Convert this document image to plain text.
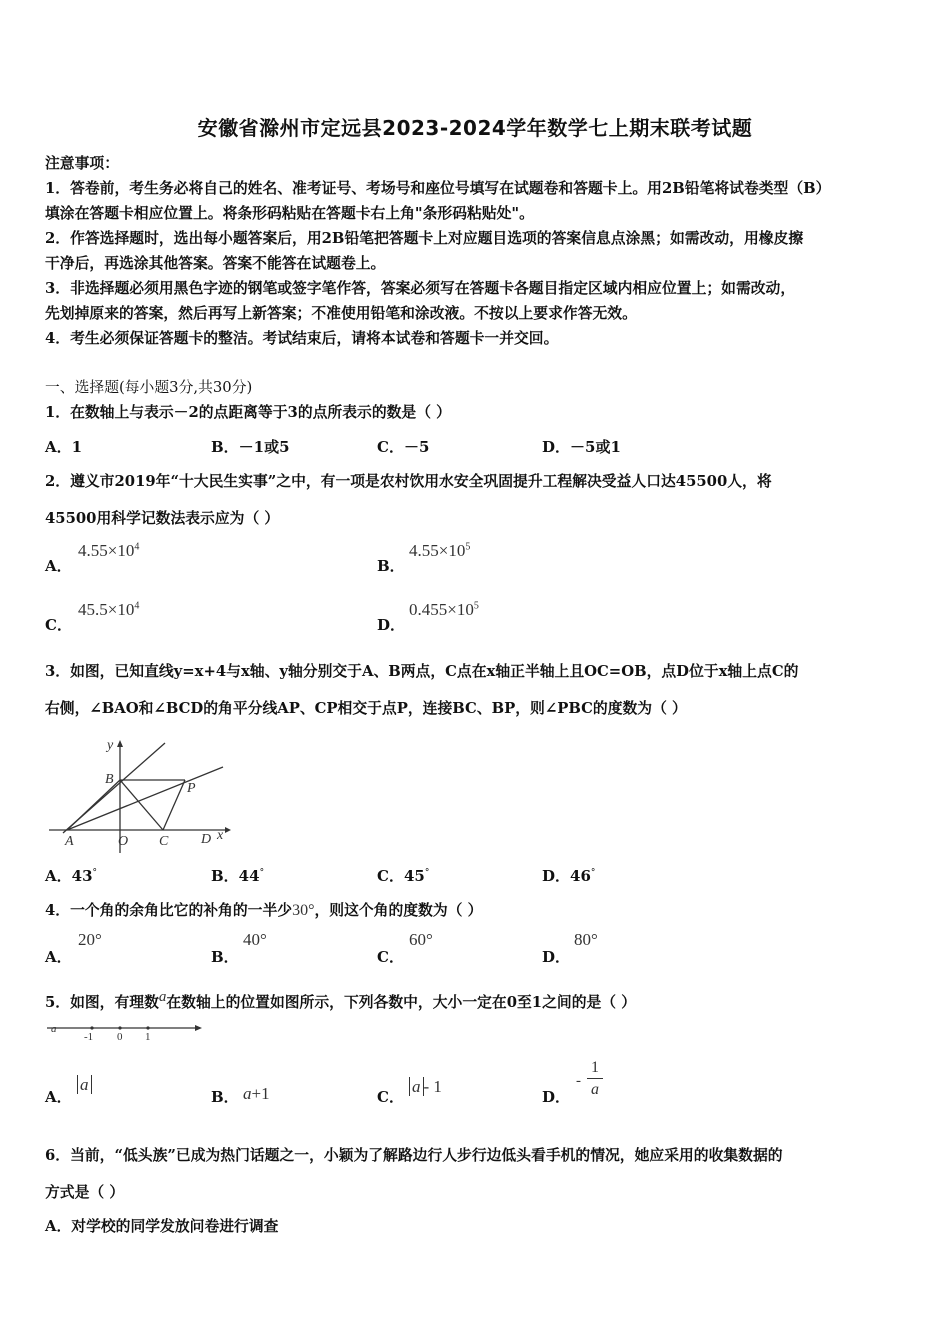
安徽省滁州市定远县2023-2024学年数学七上期末联考试题
注意事项：
1．答卷前，考生务必将自己的姓名、准考证号、考场号和座位号填写在试题卷和答题卡上。用2B铅笔将试卷类型（B）
填涂在答题卡相应位置上。将条形码粘贴在答题卡右上角"条形码粘贴处"。
2．作答选择题时，选出每小题答案后，用2B铅笔把答题卡上对应题目选项的答案信息点涂黑；如需改动，用橡皮擦
干净后，再选涂其他答案。答案不能答在试题卷上。
3．非选择题必须用黑色字迹的钢笔或签字笔作答，答案必须写在答题卡各题目指定区域内相应位置上；如需改动，
先划掉原来的答案，然后再写上新答案；不准使用铅笔和涂改液。不按以上要求作答无效。
4．考生必须保证答题卡的整洁。考试结束后，请将本试卷和答题卡一并交回。
一、选择题(每小题3分,共30分)
1．在数轴上与表示－2的点距离等于3的点所表示的数是（ ）
A．1	B．－1或5	C．－5	D．－5或1
2．遵义市2019年“十大民生实事”之中，有一项是农村饮用水安全巩固提升工程解决受益人口达45500人，将
45500用科学记数法表示应为（ ）
A．
$4.55\times 10^4$
B．
$4.55\times 10^5$
C．
$45.5\times 10^4$
D．
$0.455\times 10^5$
3．如图，已知直线y=x+4与x轴、y轴分别交于A、B两点，C点在x轴正半轴上且OC=OB，点D位于x轴上点C的
右侧，∠BAO和∠BCD的角平分线AP、CP相交于点P，连接BC、BP，则∠PBC的度数为（ ）
y
B
P
A	O C D x
A．43°	B．44°	C．45°	D．46°
4．一个角的余角比它的补角的一半少30°，则这个角的度数为（ ）
A．
20°
B．
40°
C．
60°
D．
80°
5．如图，有理数a在数轴上的位置如图所示，下列各数中，大小一定在0至1之间的是（ ）
a
-1 0 1
A．
a
B． a+1	C．
a - 1
D．
-
1
a
6．当前，“低头族”已成为热门话题之一，小颖为了解路边行人步行边低头看手机的情况，她应采用的收集数据的
方式是（ ）
A．对学校的同学发放问卷进行调查
